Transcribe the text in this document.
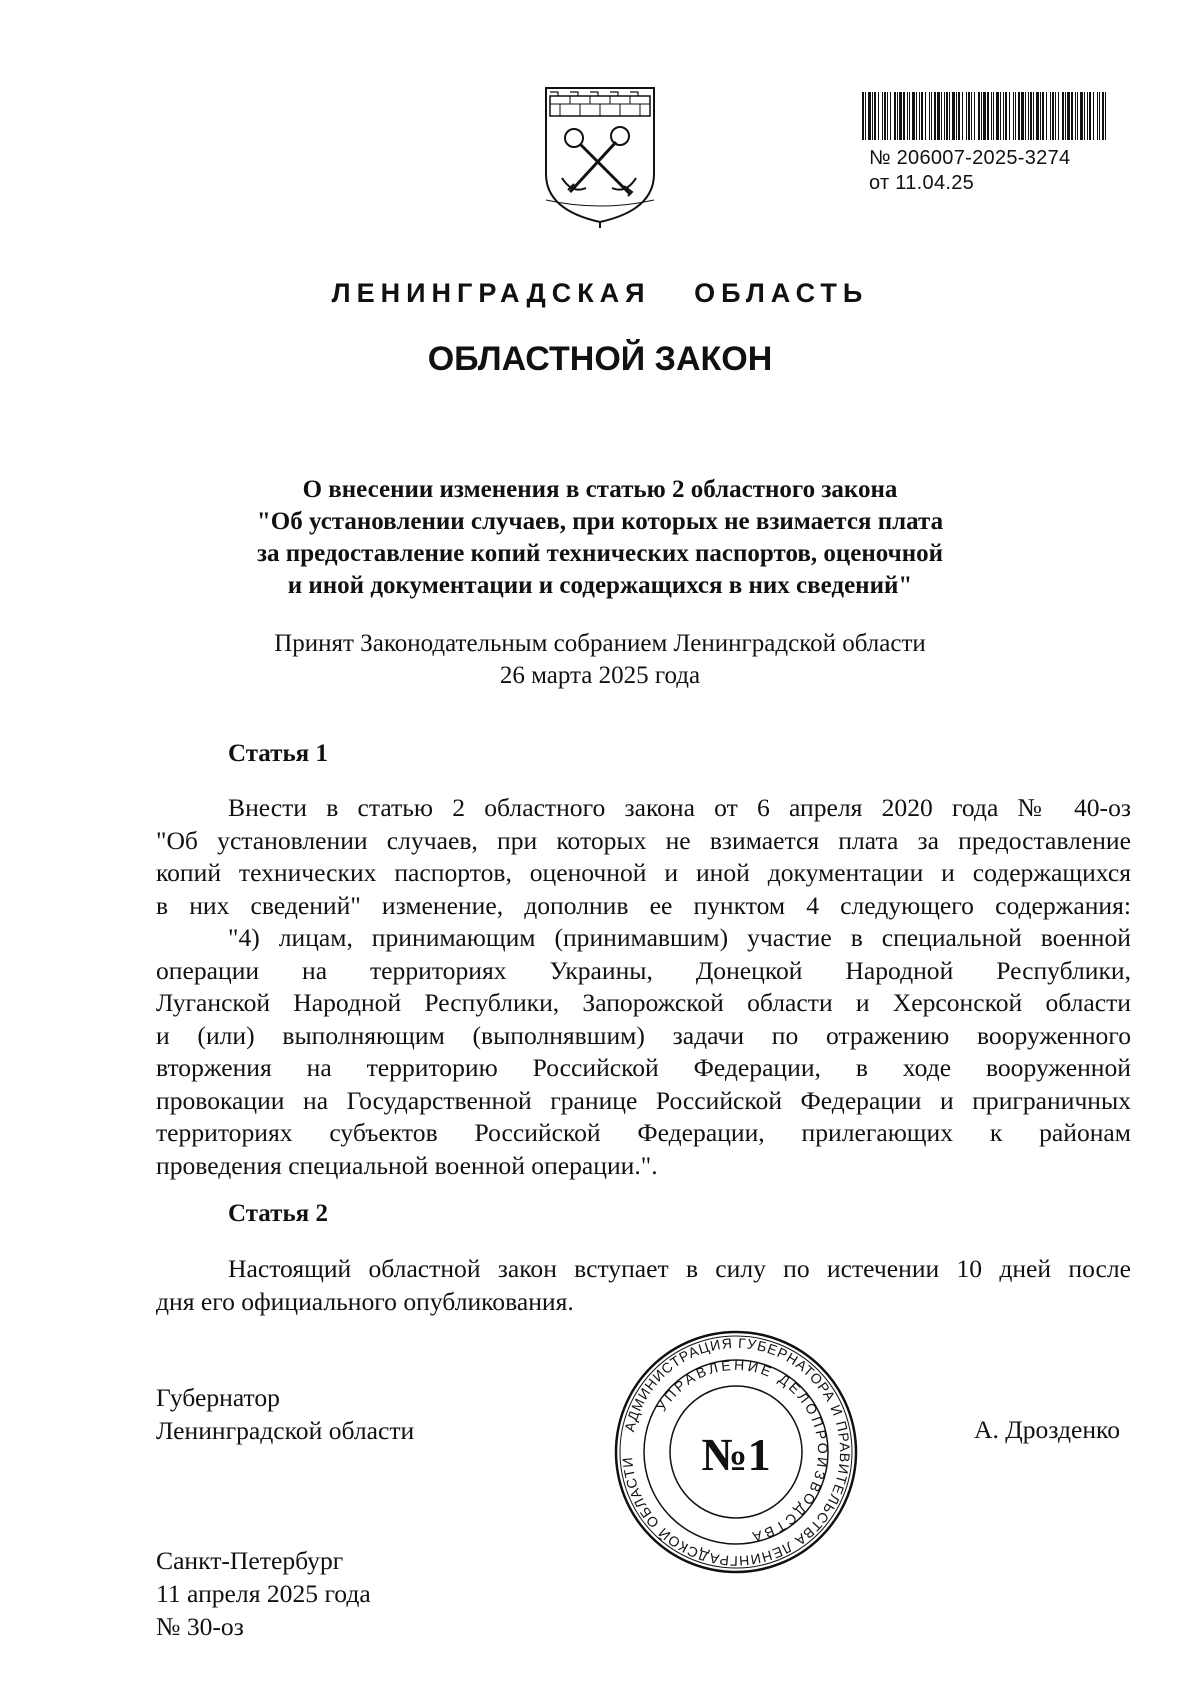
№ 206007-2025-3274
от 11.04.25
ЛЕНИНГРАДСКАЯ ОБЛАСТЬ
ОБЛАСТНОЙ ЗАКОН
О внесении изменения в статью 2 областного закона
"Об установлении случаев, при которых не взимается плата
за предоставление копий технических паспортов, оценочной
и иной документации и содержащихся в них сведений"
Принят Законодательным собранием Ленинградской области
26 марта 2025 года
Статья 1
Внести в статью 2 областного закона от 6 апреля 2020 года № 40-оз
"Об установлении случаев, при которых не взимается плата за предоставление
копий технических паспортов, оценочной и иной документации и содержащихся
в них сведений" изменение, дополнив ее пунктом 4 следующего содержания:
"4) лицам, принимающим (принимавшим) участие в специальной военной
операции на территориях Украины, Донецкой Народной Республики,
Луганской Народной Республики, Запорожской области и Херсонской области
и (или) выполняющим (выполнявшим) задачи по отражению вооруженного
вторжения на территорию Российской Федерации, в ходе вооруженной
провокации на Государственной границе Российской Федерации и приграничных
территориях субъектов Российской Федерации, прилегающих к районам
проведения специальной военной операции.".
Статья 2
Настоящий областной закон вступает в силу по истечении 10 дней после
дня его официального опубликования.
Губернатор
Ленинградской области	А. Дрозденко
Санкт-Петербург
11 апреля 2025 года
№ 30-оз
АДМИНИСТРАЦИЯ ГУБЕРНАТОРА И ПРАВИТЕЛЬСТВА ЛЕНИНГРАДСКОЙ ОБЛАСТИ
УПРАВЛЕНИЕ ДЕЛОПРОИЗВОДСТВА
№1
